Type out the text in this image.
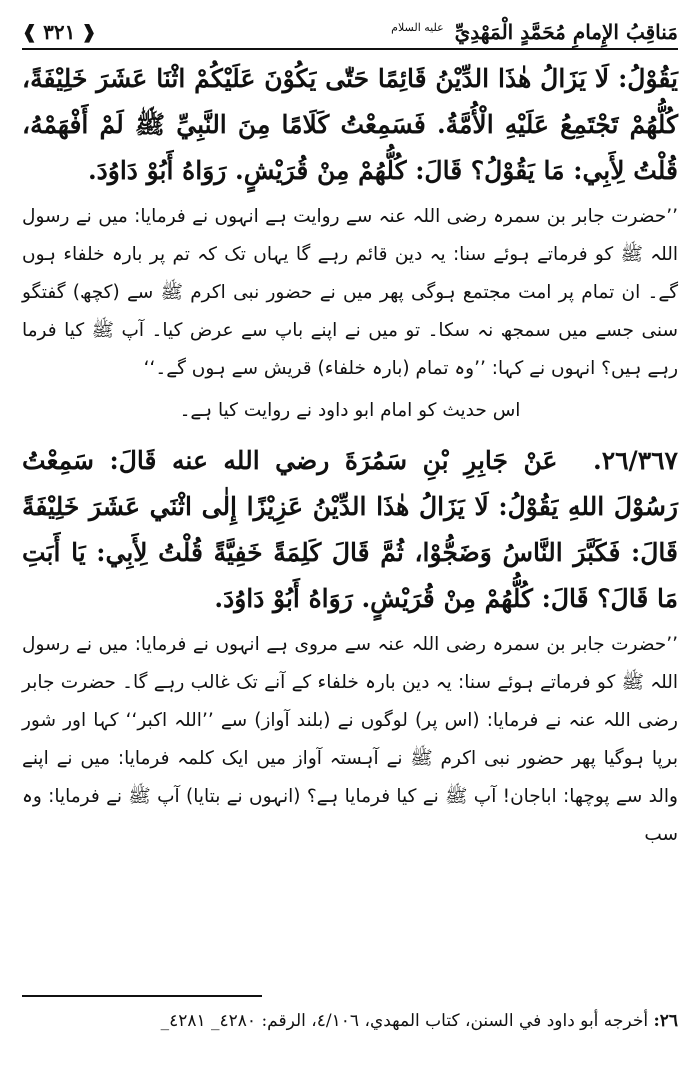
مَناقِبُ الإِمامِ مُحَمَّدٍ الْمَهْدِيِّ $^{عليه السلام}$
❰ ٣٢١ ❱

يَقُوْلُ: لَا يَزَالُ هٰذَا الدِّيْنُ قَائِمًا حَتّٰى يَكُوْنَ عَلَيْكُمْ اثْنَا عَشَرَ خَلِيْفَةً، كُلُّهُمْ تَجْتَمِعُ عَلَيْهِ الْأُمَّةُ. فَسَمِعْتُ كَلَامًا مِنَ النَّبِيِّ ﷺ لَمْ أَفْهَمْهُ، قُلْتُ لِأَبِي: مَا يَقُوْلُ؟ قَالَ: كُلُّهُمْ مِنْ قُرَيْشٍ. رَوَاهُ أَبُوْ دَاوُدَ.

’’حضرت جابر بن سمرہ رضی اللہ عنہ سے روایت ہے انہوں نے فرمایا: میں نے رسول اللہ ﷺ کو فرماتے ہوئے سنا: یہ دین قائم رہے گا یہاں تک کہ تم پر بارہ خلفاء ہوں گے۔ ان تمام پر امت مجتمع ہوگی پھر میں نے حضور نبی اکرم ﷺ سے (کچھ) گفتگو سنی جسے میں سمجھ نہ سکا۔ تو میں نے اپنے باپ سے عرض کیا۔ آپ ﷺ کیا فرما رہے ہیں؟ انہوں نے کہا: ’’وہ تمام (بارہ خلفاء) قریش سے ہوں گے۔‘‘

اس حدیث کو امام ابو داود نے روایت کیا ہے۔

٢٦/٣٦٧. عَنْ جَابِرِ بْنِ سَمُرَةَ رضي الله عنه قَالَ: سَمِعْتُ رَسُوْلَ اللهِ يَقُوْلُ: لَا يَزَالُ هٰذَا الدِّيْنُ عَزِيْزًا إِلٰى اثْنَي عَشَرَ خَلِيْفَةً قَالَ: فَكَبَّرَ النَّاسُ وَضَجُّوْا، ثُمَّ قَالَ كَلِمَةً خَفِيَّةً قُلْتُ لِأَبِي: يَا أَبَتِ مَا قَالَ؟ قَالَ: كُلُّهُمْ مِنْ قُرَيْشٍ. رَوَاهُ أَبُوْ دَاوُدَ.

’’حضرت جابر بن سمرہ رضی اللہ عنہ سے مروی ہے انہوں نے فرمایا: میں نے رسول اللہ ﷺ کو فرماتے ہوئے سنا: یہ دین بارہ خلفاء کے آنے تک غالب رہے گا۔ حضرت جابر رضی اللہ عنہ نے فرمایا: (اس پر) لوگوں نے (بلند آواز) سے ’’اللہ اکبر‘‘ کہا اور شور برپا ہوگیا پھر حضور نبی اکرم ﷺ نے آہستہ آواز میں ایک کلمہ فرمایا: میں نے اپنے والد سے پوچھا: اباجان! آپ ﷺ نے کیا فرمایا ہے؟ (انہوں نے بتایا) آپ ﷺ نے فرمایا: وہ سب

٢٦: أخرجه أبو داود في السنن، كتاب المهدي، ٤/١٠٦، الرقم: ٤٢٨٠_ ٤٢٨١_
